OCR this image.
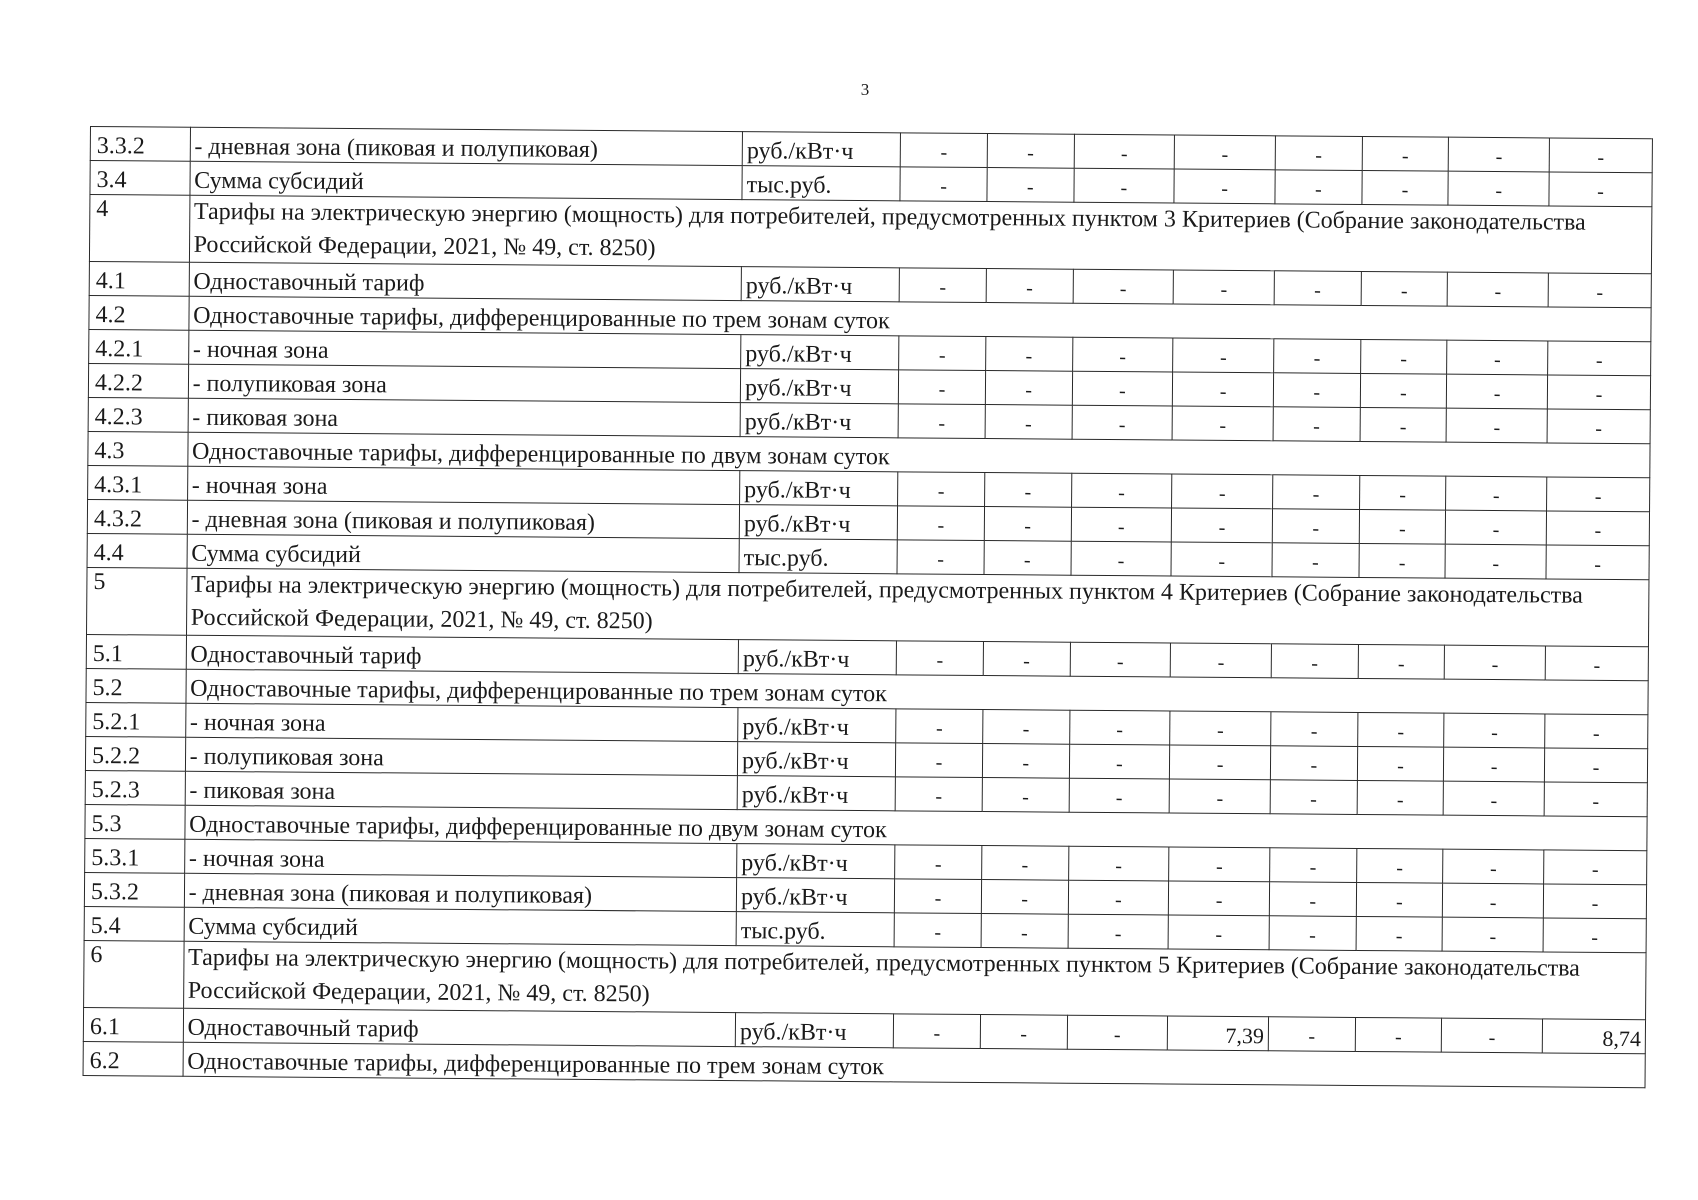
3
3.3.2	- дневная зона (пиковая и полупиковая)	руб./кВт·ч	-	-	-	-	-	-	-	-
3.4	Сумма субсидий	тыс.руб.	-	-	-	-	-	-	-	-
4	Тарифы на электрическую энергию (мощность) для потребителей, предусмотренных пунктом 3 Критериев (Собрание законодательства Российской Федерации, 2021, № 49, ст. 8250)									
4.1	Одноставочный тариф	руб./кВт·ч	-	-	-	-	-	-	-	-
4.2	Одноставочные тарифы, дифференцированные по трем зонам суток									
4.2.1	- ночная зона	руб./кВт·ч	-	-	-	-	-	-	-	-
4.2.2	- полупиковая зона	руб./кВт·ч	-	-	-	-	-	-	-	-
4.2.3	- пиковая зона	руб./кВт·ч	-	-	-	-	-	-	-	-
4.3	Одноставочные тарифы, дифференцированные по двум зонам суток									
4.3.1	- ночная зона	руб./кВт·ч	-	-	-	-	-	-	-	-
4.3.2	- дневная зона (пиковая и полупиковая)	руб./кВт·ч	-	-	-	-	-	-	-	-
4.4	Сумма субсидий	тыс.руб.	-	-	-	-	-	-	-	-
5	Тарифы на электрическую энергию (мощность) для потребителей, предусмотренных пунктом 4 Критериев (Собрание законодательства Российской Федерации, 2021, № 49, ст. 8250)									
5.1	Одноставочный тариф	руб./кВт·ч	-	-	-	-	-	-	-	-
5.2	Одноставочные тарифы, дифференцированные по трем зонам суток									
5.2.1	- ночная зона	руб./кВт·ч	-	-	-	-	-	-	-	-
5.2.2	- полупиковая зона	руб./кВт·ч	-	-	-	-	-	-	-	-
5.2.3	- пиковая зона	руб./кВт·ч	-	-	-	-	-	-	-	-
5.3	Одноставочные тарифы, дифференцированные по двум зонам суток									
5.3.1	- ночная зона	руб./кВт·ч	-	-	-	-	-	-	-	-
5.3.2	- дневная зона (пиковая и полупиковая)	руб./кВт·ч	-	-	-	-	-	-	-	-
5.4	Сумма субсидий	тыс.руб.	-	-	-	-	-	-	-	-
6	Тарифы на электрическую энергию (мощность) для потребителей, предусмотренных пунктом 5 Критериев (Собрание законодательства Российской Федерации, 2021, № 49, ст. 8250)									
6.1	Одноставочный тариф	руб./кВт·ч	-	-	-	7,39	-	-	-	8,74
6.2	Одноставочные тарифы, дифференцированные по трем зонам суток									
